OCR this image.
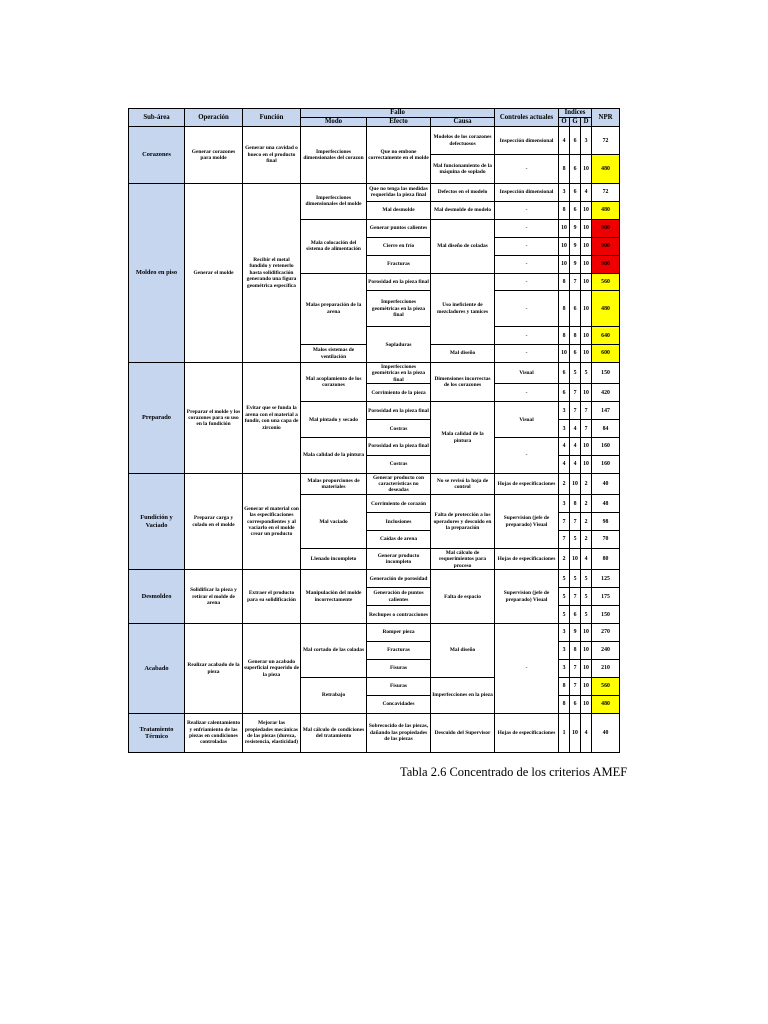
Sub-área	Operación	Función	Fallo			Controles actuales	Indices			NPR
			Modo	Efecto	Causa		O	G	D	
Corazones	Generar corazones para molde	Generar una cavidad o hueco en el producto final	Imperfecciones dimensionales del corazon	Que no embone correctamente en el molde	Modelos de los corazones defectuosos	Inspección dimensional	4	6	3	72
					Mal funcionamiento de la máquina de soplado	-	8	6	10	480
Moldeo en piso	Generar el molde	Recibir el metal fundido y retenerlo hasta solidificación generando una figura geométrica específica	Imperfecciones dimensionales del molde	Que no tenga las medidas requeridas la pieza final	Defectos en el modelo	Inspección dimensional	3	6	4	72
				Mal desmolde	Mal desmolde de modelo	-	8	6	10	480
			Mala colocación del sistema de alimentación	Generar puntos calientes	Mal diseño de coladas	-	10	9	10	900
				Cierre en frío		-	10	9	10	900
				Fracturas		-	10	9	10	900
			Malas preparación de la arena	Porosidad en la pieza final	Uso ineficiente de mezcladores y tamices	-	8	7	10	560
				Imperfecciones geométricas en la pieza final		-	8	6	10	480

				Sopladuras		-	8	8	10	640
			Malos sistemas de ventilación		Mal diseño	-	10	6	10	600
Preparado	Preparar el molde y los corazones para su uso en la fundición	Evitar que se funda la arena con el material a fundir, con una capa de zirconio	Mal acoplamiento de los corazones	Imperfecciones geométricas en la pieza final	Dimensiones incorrectas de los corazones	Visual	6	5	5	150
				Corrimiento de la pieza		-	6	7	10	420
			Mal pintado y secado	Porosidad en la pieza final	Mala calidad de la pintura	Visual	3	7	7	147
				Costras			3	4	7	84
			Mala calidad de la pintura	Porosidad en la pieza final		-	4	4	10	160
				Costras			4	4	10	160
Fundición y Vaciado	Preparar carga y colado en el molde	Generar el material con las especificaciones correspondientes y al vaciarlo en el molde crear un producto	Malas proporciones de materiales	Generar producto con características no deseadas	No se revisó la hoja de control	Hojas de especificaciones	2	10	2	40
			Mal vaciado	Corrimiento de corazón	Falta de protección a los operadores y descuido en la preparación	Supervision (jefe de preparado) Visual	3	8	2	48
				Inclusiones			7	7	2	98
				Caídas de arena			7	5	2	70
			Llenado incompleto	Generar producto incompleto	Mal cálculo de requerimientos para proceso	Hojas de especificaciones	2	10	4	80
Desmoldeo	Solidificar la pieza y retirar el molde de arena	Extraer el producto para su solidificación	Manipulación del molde incorrectamente	Generación de porosidad	Falta de espacio	Supervision (jefe de preparado) Visual	5	5	5	125
				Generación de puntos calientes			5	7	5	175
				Rechupes o contracciones			5	6	5	150
Acabado	Realizar acabado de la pieza	Generar un acabado superficial requerido de la pieza	Mal cortado de las coladas	Romper pieza	Mal diseño	-	3	9	10	270
				Fracturas			3	8	10	240
				Fisuras			3	7	10	210
			Retrabajo	Fisuras	Imperfecciones en la pieza		8	7	10	560
				Concavidades			8	6	10	480
Tratamiento Térmico	Realizar calentamiento y enfriamiento de las piezas en condiciones controladas	Mejorar las propiedades mecánicas de las piezas (dureza, resistencia, elasticidad)	Mal cálculo de condiciones del tratamiento	Sobrecocido de las piezas, dañando las propiedades de las piezas	Descuido del Supervisor	Hojas de especificaciones	1	10	4	40
Tabla 2.6 Concentrado de los criterios AMEF
